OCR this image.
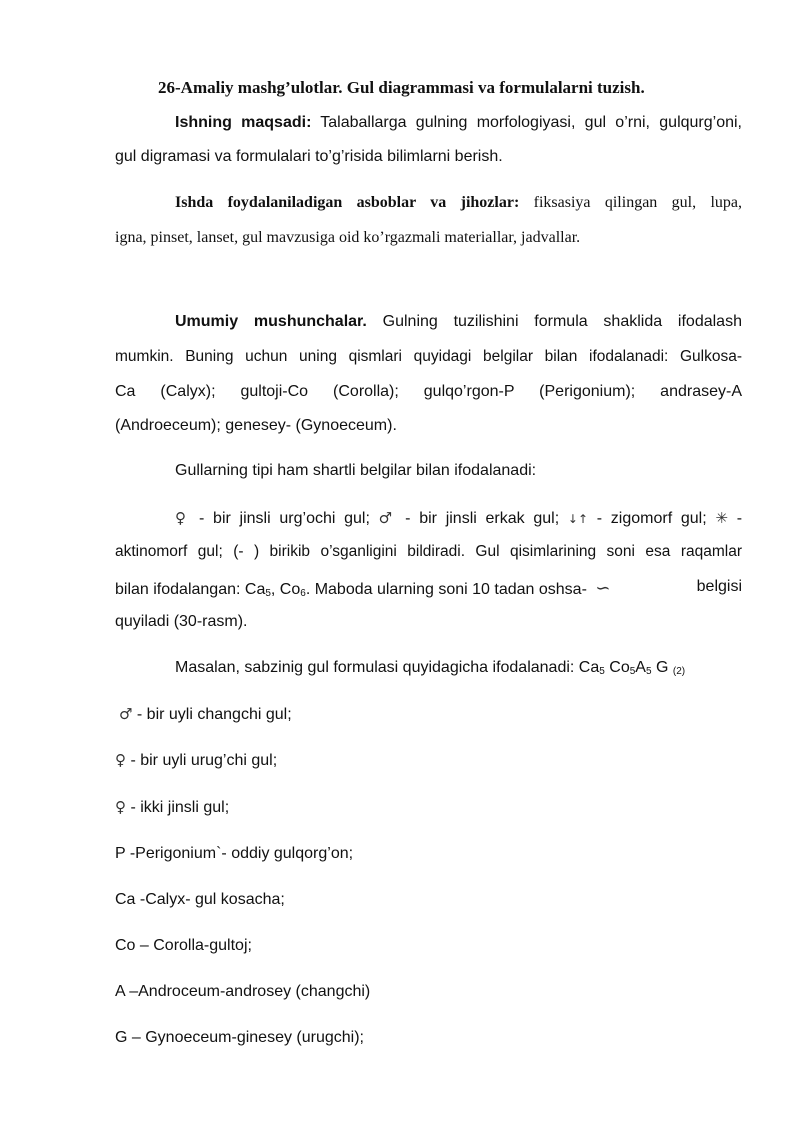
26-Amaliy mashg’ulotlar. Gul diagrammasi va formulalarni tuzish.
Ishning maqsadi: Talaballarga gulning morfologiyasi, gul o’rni, gulqurg’oni,
gul digramasi va formulalari to’g’risida bilimlarni berish.
Ishda foydalaniladigan asboblar va jihozlar: fiksasiya qilingan gul, lupa,
igna, pinset, lanset, gul mavzusiga oid ko’rgazmali materiallar, jadvallar.
Umumiy mushunchalar. Gulning tuzilishini formula shaklida ifodalash
mumkin. Buning uchun uning qismlari quyidagi belgilar bilan ifodalanadi: Gulkosa-
Ca (Calyx); gultoji-Co (Corolla); gulqo’rgon-P (Perigonium); andrasey-A
(Androeceum); genesey- (Gynoeceum).
Gullarning tipi ham shartli belgilar bilan ifodalanadi:
♀ - bir jinsli urg’ochi gul; ♂ - bir jinsli erkak gul; ↓↑ - zigomorf gul; ✳ -
aktinomorf gul; (- ) birikib o’sganligini bildiradi. Gul qisimlarining soni esa raqamlar
bilan ifodalangan: $Ca_5$, $Co_6$. Maboda ularning soni 10 tadan oshsa- ∽	belgisi
quyiladi (30-rasm).
Masalan, sabzinig gul formulasi quyidagicha ifodalanadi: $Ca_5$ $Co_5A_5$ G $_{(2)}$
♂ - bir uyli changchi gul;
♀ - bir uyli urug’chi gul;
♀ - ikki jinsli gul;
P -Perigonium`- oddiy gulqorg’on;
Ca -Calyx- gul kosacha;
Co – Corolla-gultoj;
A –Androceum-androsey (changchi)
G – Gynoeceum-ginesey (urugchi);
